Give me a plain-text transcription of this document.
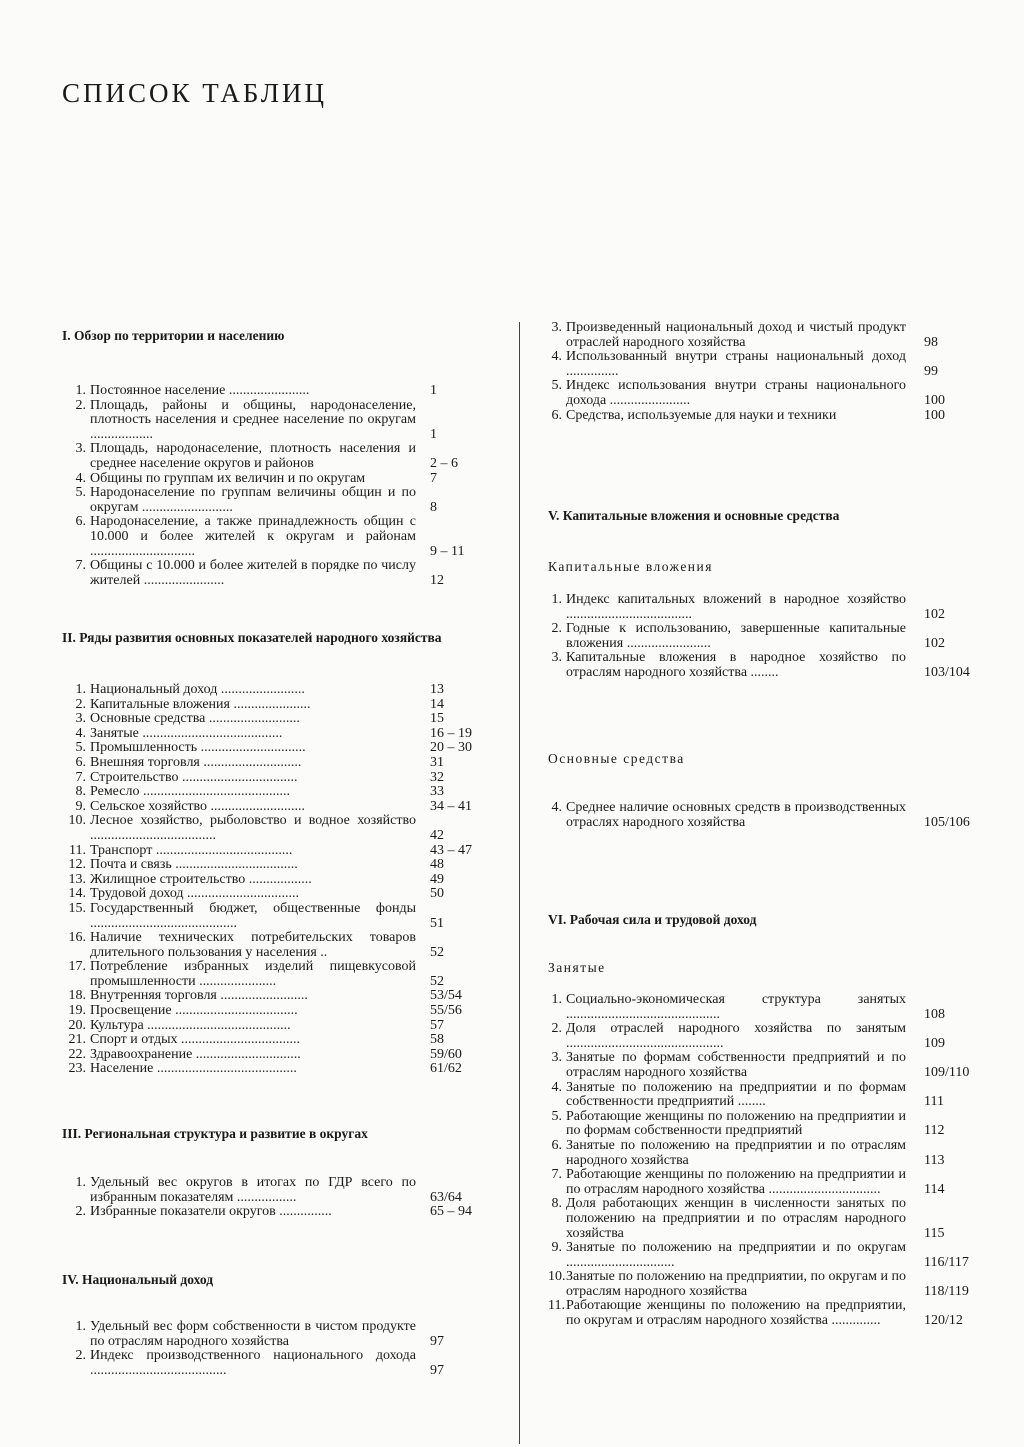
СПИСОК ТАБЛИЦ
I. Обзор по территории и населению
1. Постоянное население .......................	1
2. Площадь, районы и общины, народонаселение, плотность населения и среднее население по округам ..................	1
3. Площадь, народонаселение, плотность населения и среднее население округов и районов	2 – 6
4. Общины по группам их величин и по округам	7
5. Народонаселение по группам величины общин и по округам ..........................	8
6. Народонаселение, а также принадлежность общин с 10.000 и более жителей к округам и районам ..............................	9 – 11
7. Общины с 10.000 и более жителей в порядке по числу жителей .......................	12
II. Ряды развития основных показателей народного хозяйства
1. Национальный доход ........................	13
2. Капитальные вложения ......................	14
3. Основные средства ..........................	15
4. Занятые ........................................	16 – 19
5. Промышленность ..............................	20 – 30
6. Внешняя торговля ............................	31
7. Строительство .................................	32
8. Ремесло ..........................................	33
9. Сельское хозяйство ...........................	34 – 41
10. Лесное хозяйство, рыболовство и водное хозяйство ....................................	42
11. Транспорт .......................................	43 – 47
12. Почта и связь ...................................	48
13. Жилищное строительство ..................	49
14. Трудовой доход ................................	50
15. Государственный бюджет, общественные фонды ..........................................	51
16. Наличие технических потребительских товаров длительного пользования у населения ..	52
17. Потребление избранных изделий пищевкусовой промышленности ......................	52
18. Внутренняя торговля .........................	53/54
19. Просвещение ...................................	55/56
20. Культура .........................................	57
21. Спорт и отдых ..................................	58
22. Здравоохранение ..............................	59/60
23. Население ........................................	61/62
III. Региональная структура и развитие в округах
1. Удельный вес округов в итогах по ГДР всего по избранным показателям .................	63/64
2. Избранные показатели округов ...............	65 – 94
IV. Национальный доход
1. Удельный вес форм собственности в чистом продукте по отраслям народного хозяйства	97
2. Индекс производственного национального дохода .......................................	97
3. Произведенный национальный доход и чистый продукт отраслей народного хозяйства	98
4. Использованный внутри страны национальный доход ...............	99
5. Индекс использования внутри страны национального дохода .......................	100
6. Средства, используемые для науки и техники	100
V. Капитальные вложения и основные средства
Капитальные вложения
1. Индекс капитальных вложений в народное хозяйство ....................................	102
2. Годные к использованию, завершенные капитальные вложения ........................	102
3. Капитальные вложения в народное хозяйство по отраслям народного хозяйства ........	103/104
Основные средства
4. Среднее наличие основных средств в производственных отраслях народного хозяйства	105/106
VI. Рабочая сила и трудовой доход
Занятые
1. Социально-экономическая структура занятых ............................................	108
2. Доля отраслей народного хозяйства по занятым .............................................	109
3. Занятые по формам собственности предприятий и по отраслям народного хозяйства	109/110
4. Занятые по положению на предприятии и по формам собственности предприятий ........	111
5. Работающие женщины по положению на предприятии и по формам собственности предприятий	112
6. Занятые по положению на предприятии и по отраслям народного хозяйства	113
7. Работающие женщины по положению на предприятии и по отраслям народного хозяйства ................................	114
8. Доля работающих женщин в численности занятых по положению на предприятии и по отраслям народного хозяйства	115
9. Занятые по положению на предприятии и по округам ...............................	116/117
10. Занятые по положению на предприятии, по округам и по отраслям народного хозяйства	118/119
11. Работающие женщины по положению на предприятии, по округам и отраслям народного хозяйства ..............	120/12
